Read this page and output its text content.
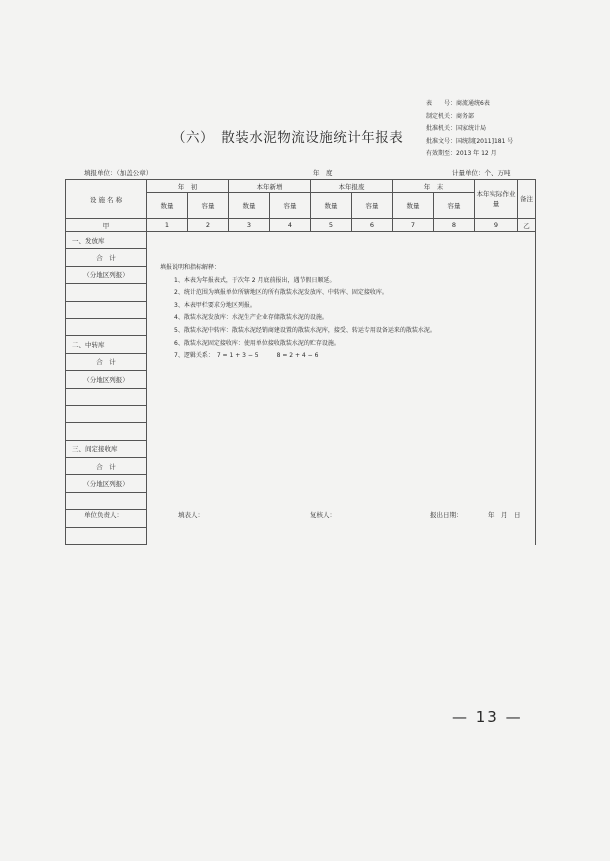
表　　号：商流通统6表
制定机关：商务部
批准机关：国家统计局
批准文号：国统制[2011]181 号
有效期至：2013 年 12 月
（六）　散装水泥物流设施统计年报表
填报单位：（加盖公章）	年　度	计量单位：个、万吨
设 施 名 称	年　初		本年新增		本年报废		年　末		本年实际作业量	备注
	数量	容量	数量	容量	数量	容量	数量	容量		
甲	1	2	3	4	5	6	7	8	9	乙
一、发放库										
合　计										
（分地区列报）										

二、中转库										
合　计										
（分地区列报）										

三、间定接收库										
合　计										
（分地区列报）										

填报说明和指标解释：
1、本表为年报表式，于次年 2 月底前报出，遇节假日顺延。
2、统计范围为填报单位所辖地区的所有散装水泥发放库、中转库、固定接收库。
3、本表甲栏要求分地区列报。
4、散装水泥发放库：水泥生产企业存储散装水泥的设施。
5、散装水泥中转库：散装水泥经销商建设置的散装水泥库，接受、转运专用设备运来的散装水泥。
6、散装水泥固定接收库：使用单位接收散装水泥的贮存设施。
7、逻辑关系：　7 = 1 + 3 − 5　　　8 = 2 + 4 − 6
单位负责人：	填表人：	复核人：	报出日期：	年　月　日
— 13 —
